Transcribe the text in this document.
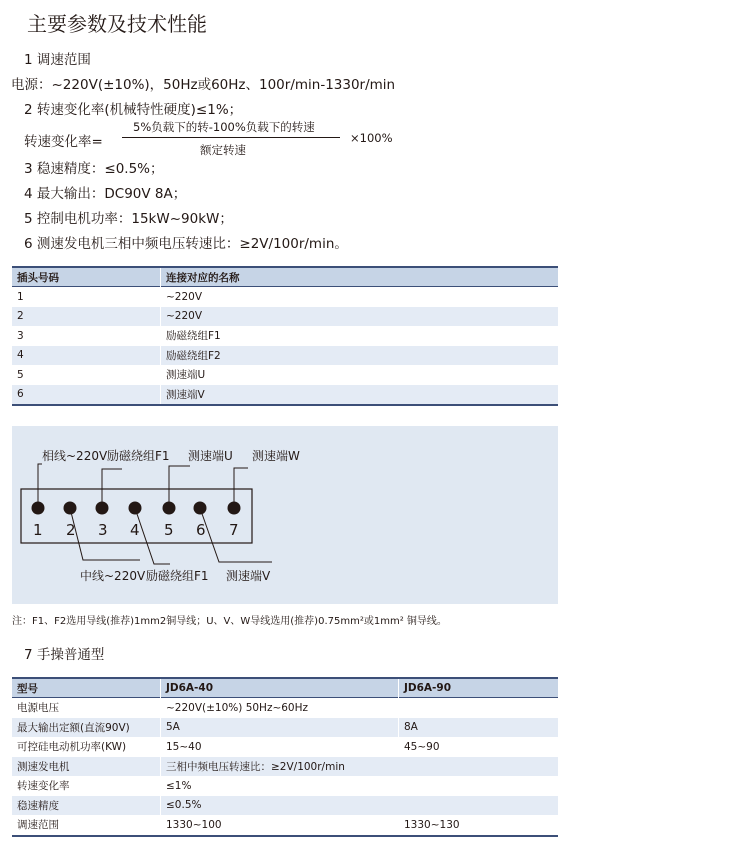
主要参数及技术性能
1 调速范围
电源：~220V(±10%)，50Hz或60Hz、100r/min-1330r/min
2 转速变化率(机械特性硬度)≤1%；
转速变化率=
5%负载下的转-100%负载下的转速
额定转速
×100%
3 稳速精度：≤0.5%；
4 最大输出：DC90V 8A；
5 控制电机功率：15kW~90kW；
6 测速发电机三相中频电压转速比：≥2V/100r/min。
插头号码	连接对应的名称
1	~220V
2	~220V
3	励磁绕组F1
4	励磁绕组F2
5	测速端U
6	测速端V
1 2 3 4 5 6 7
相线~220V 励磁绕组F1 测速端U 测速端W
中线~220V 励磁绕组F1 测速端V
注：F1、F2选用导线(推荐)1mm2铜导线；U、V、W导线选用(推荐)0.75mm²或1mm² 铜导线。
7 手操普通型
型号	JD6A-40	JD6A-90
电源电压	~220V(±10%) 50Hz~60Hz	
最大输出定额(直流90V)	5A	8A
可控硅电动机功率(KW)	15~40	45~90
测速发电机	三相中频电压转速比：≥2V/100r/min	
转速变化率	≤1%	
稳速精度	≤0.5%	
调速范围	1330~100	1330~130
